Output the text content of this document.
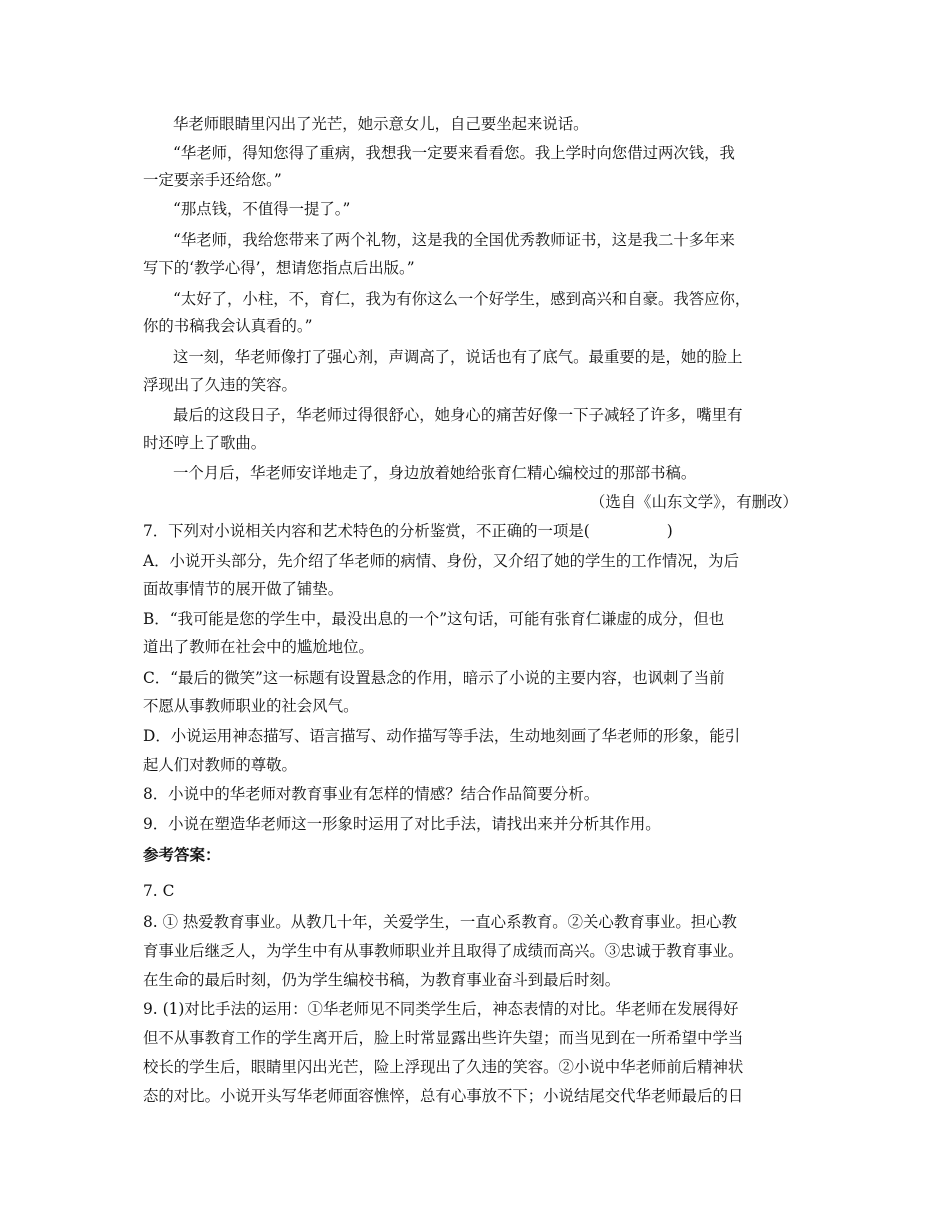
华老师眼睛里闪出了光芒，她示意女儿，自己要坐起来说话。
“华老师，得知您得了重病，我想我一定要来看看您。我上学时向您借过两次钱，我
一定要亲手还给您。”
“那点钱，不值得一提了。”
“华老师，我给您带来了两个礼物，这是我的全国优秀教师证书，这是我二十多年来
写下的‘教学心得’，想请您指点后出版。”
“太好了，小柱，不，育仁，我为有你这么一个好学生，感到高兴和自豪。我答应你，
你的书稿我会认真看的。”
这一刻，华老师像打了强心剂，声调高了，说话也有了底气。最重要的是，她的脸上
浮现出了久违的笑容。
最后的这段日子，华老师过得很舒心，她身心的痛苦好像一下子减轻了许多，嘴里有
时还哼上了歌曲。
一个月后，华老师安详地走了，身边放着她给张育仁精心编校过的那部书稿。
（选自《山东文学》，有删改）
7．下列对小说相关内容和艺术特色的分析鉴赏，不正确的一项是(　　　　　)
A．小说开头部分，先介绍了华老师的病情、身份，又介绍了她的学生的工作情况，为后
面故事情节的展开做了铺垫。
B．“我可能是您的学生中，最没出息的一个”这句话，可能有张育仁谦虚的成分，但也
道出了教师在社会中的尴尬地位。
C．“最后的微笑”这一标题有设置悬念的作用，暗示了小说的主要内容，也讽刺了当前
不愿从事教师职业的社会风气。
D．小说运用神态描写、语言描写、动作描写等手法，生动地刻画了华老师的形象，能引
起人们对教师的尊敬。
8．小说中的华老师对教育事业有怎样的情感？结合作品简要分析。
9．小说在塑造华老师这一形象时运用了对比手法，请找出来并分析其作用。
参考答案：
7. C
8. ① 热爱教育事业。从教几十年，关爱学生，一直心系教育。②关心教育事业。担心教
育事业后继乏人，为学生中有从事教师职业并且取得了成绩而高兴。③忠诚于教育事业。
在生命的最后时刻，仍为学生编校书稿，为教育事业奋斗到最后时刻。
9. (1)对比手法的运用：①华老师见不同类学生后，神态表情的对比。华老师在发展得好
但不从事教育工作的学生离开后，脸上时常显露出些许失望；而当见到在一所希望中学当
校长的学生后，眼睛里闪出光芒，险上浮现出了久违的笑容。②小说中华老师前后精神状
态的对比。小说开头写华老师面容憔悴，总有心事放不下；小说结尾交代华老师最后的日
